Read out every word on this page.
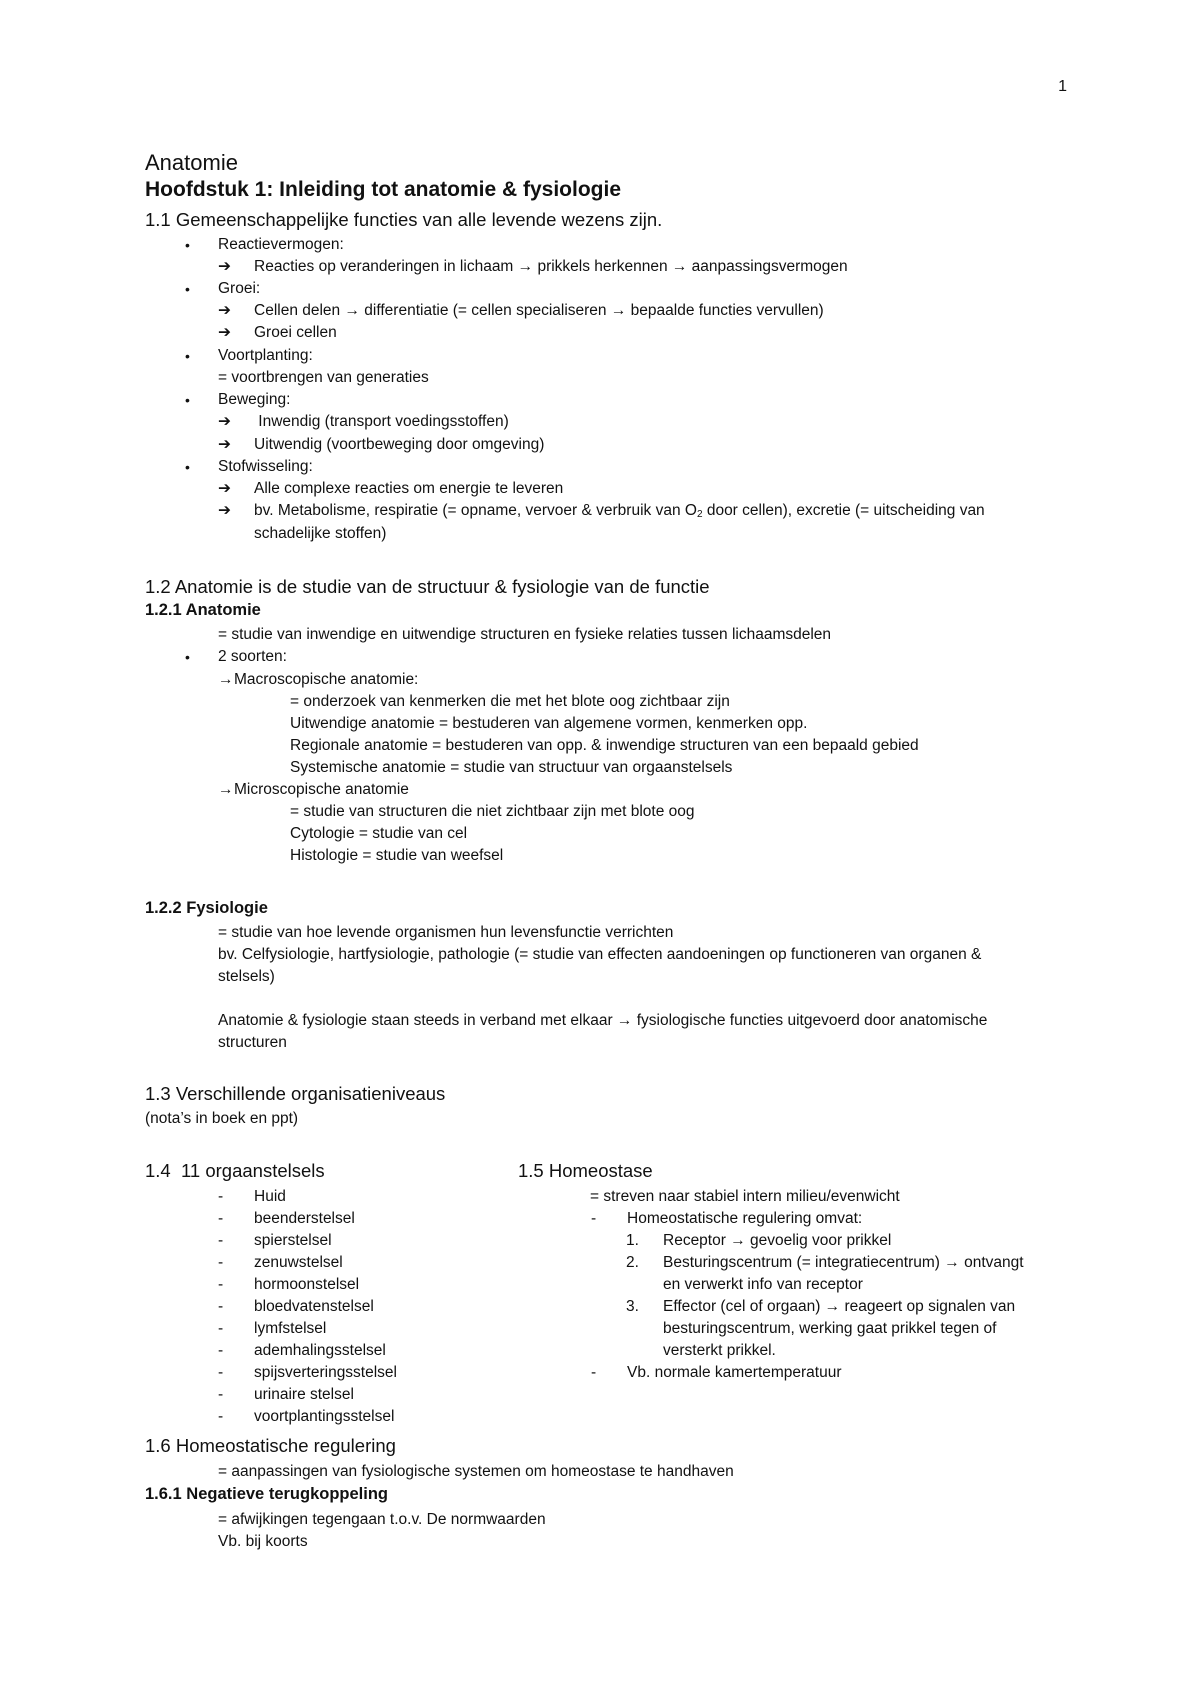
1
Anatomie
Hoofdstuk 1: Inleiding tot anatomie & fysiologie
1.1 Gemeenschappelijke functies van alle levende wezens zijn.
• Reactievermogen:
➔ Reacties op veranderingen in lichaam → prikkels herkennen → aanpassingsvermogen
• Groei:
➔ Cellen delen → differentiatie (= cellen specialiseren → bepaalde functies vervullen)
➔ Groei cellen
• Voortplanting:
= voortbrengen van generaties
• Beweging:
➔ Inwendig (transport voedingsstoffen)
➔ Uitwendig (voortbeweging door omgeving)
• Stofwisseling:
➔ Alle complexe reacties om energie te leveren
➔ bv. Metabolisme, respiratie (= opname, vervoer & verbruik van $O_2$ door cellen), excretie (= uitscheiding van
schadelijke stoffen)
1.2 Anatomie is de studie van de structuur & fysiologie van de functie
1.2.1 Anatomie
= studie van inwendige en uitwendige structuren en fysieke relaties tussen lichaamsdelen
• 2 soorten:
→Macroscopische anatomie:
= onderzoek van kenmerken die met het blote oog zichtbaar zijn
Uitwendige anatomie = bestuderen van algemene vormen, kenmerken opp.
Regionale anatomie = bestuderen van opp. & inwendige structuren van een bepaald gebied
Systemische anatomie = studie van structuur van orgaanstelsels
→Microscopische anatomie
= studie van structuren die niet zichtbaar zijn met blote oog
Cytologie = studie van cel
Histologie = studie van weefsel
1.2.2 Fysiologie
= studie van hoe levende organismen hun levensfunctie verrichten
bv. Celfysiologie, hartfysiologie, pathologie (= studie van effecten aandoeningen op functioneren van organen &
stelsels)
Anatomie & fysiologie staan steeds in verband met elkaar → fysiologische functies uitgevoerd door anatomische
structuren
1.3 Verschillende organisatieniveaus
(nota’s in boek en ppt)
1.4  11 orgaanstelsels
- Huid
- beenderstelsel
- spierstelsel
- zenuwstelsel
- hormoonstelsel
- bloedvatenstelsel
- lymfstelsel
- ademhalingsstelsel
- spijsverteringsstelsel
- urinaire stelsel
- voortplantingsstelsel
1.5 Homeostase
= streven naar stabiel intern milieu/evenwicht
- Homeostatische regulering omvat:
1. Receptor → gevoelig voor prikkel
2. Besturingscentrum (= integratiecentrum) → ontvangt
en verwerkt info van receptor
3. Effector (cel of orgaan) → reageert op signalen van
besturingscentrum, werking gaat prikkel tegen of
versterkt prikkel.
- Vb. normale kamertemperatuur
1.6 Homeostatische regulering
= aanpassingen van fysiologische systemen om homeostase te handhaven
1.6.1 Negatieve terugkoppeling
= afwijkingen tegengaan t.o.v. De normwaarden
Vb. bij koorts
